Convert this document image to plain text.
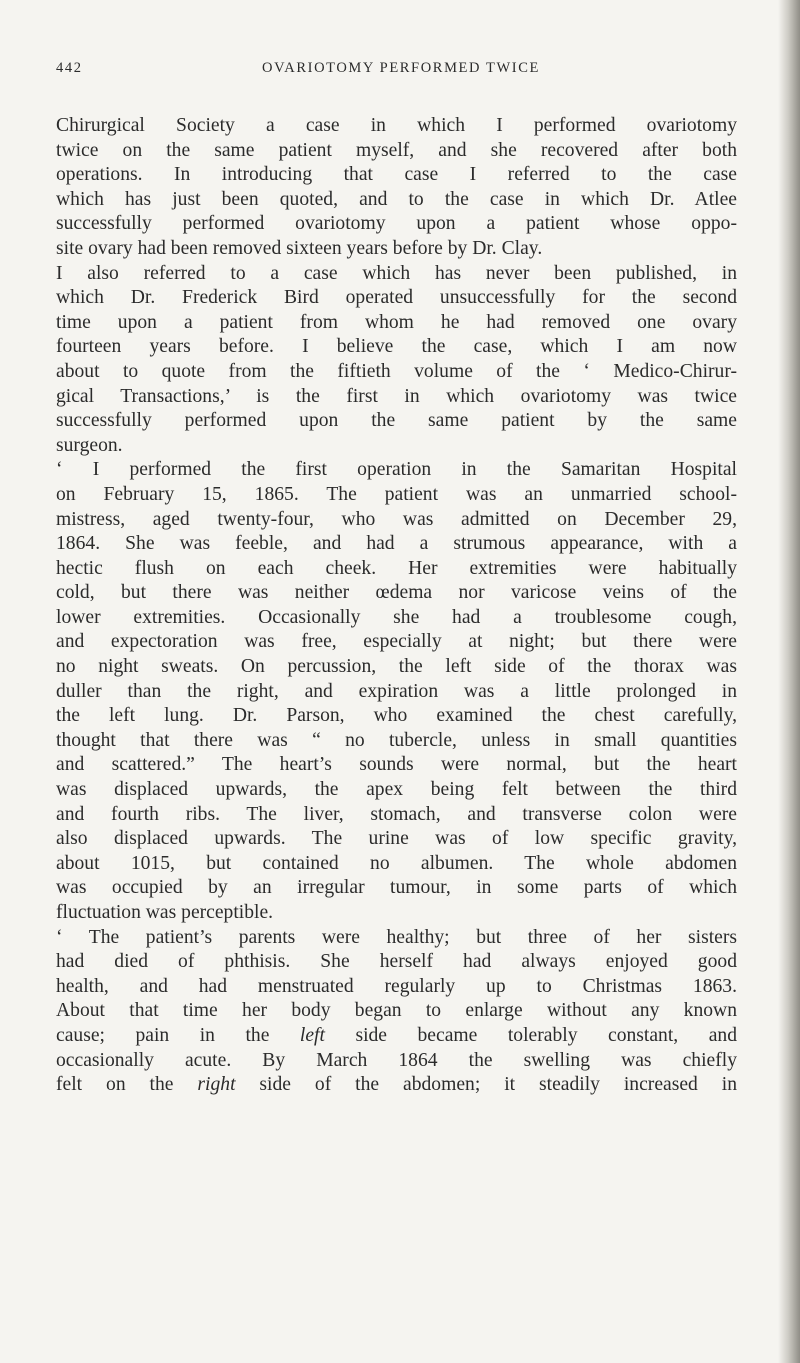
442	OVARIOTOMY PERFORMED TWICE
Chirurgical Society a case in which I performed ovariotomy
twice on the same patient myself, and she recovered after both
operations. In introducing that case I referred to the case
which has just been quoted, and to the case in which Dr. Atlee
successfully performed ovariotomy upon a patient whose oppo-
site ovary had been removed sixteen years before by Dr. Clay.
I also referred to a case which has never been published, in
which Dr. Frederick Bird operated unsuccessfully for the second
time upon a patient from whom he had removed one ovary
fourteen years before. I believe the case, which I am now
about to quote from the fiftieth volume of the ‘ Medico-Chirur-
gical Transactions,’ is the first in which ovariotomy was twice
successfully performed upon the same patient by the same
surgeon.
‘ I performed the first operation in the Samaritan Hospital
on February 15, 1865. The patient was an unmarried school-
mistress, aged twenty-four, who was admitted on December 29,
1864. She was feeble, and had a strumous appearance, with a
hectic flush on each cheek. Her extremities were habitually
cold, but there was neither œdema nor varicose veins of the
lower extremities. Occasionally she had a troublesome cough,
and expectoration was free, especially at night; but there were
no night sweats. On percussion, the left side of the thorax was
duller than the right, and expiration was a little prolonged in
the left lung. Dr. Parson, who examined the chest carefully,
thought that there was “ no tubercle, unless in small quantities
and scattered.” The heart’s sounds were normal, but the heart
was displaced upwards, the apex being felt between the third
and fourth ribs. The liver, stomach, and transverse colon were
also displaced upwards. The urine was of low specific gravity,
about 1015, but contained no albumen. The whole abdomen
was occupied by an irregular tumour, in some parts of which
fluctuation was perceptible.
‘ The patient’s parents were healthy; but three of her sisters
had died of phthisis. She herself had always enjoyed good
health, and had menstruated regularly up to Christmas 1863.
About that time her body began to enlarge without any known
cause; pain in the left side became tolerably constant, and
occasionally acute. By March 1864 the swelling was chiefly
felt on the right side of the abdomen; it steadily increased in
